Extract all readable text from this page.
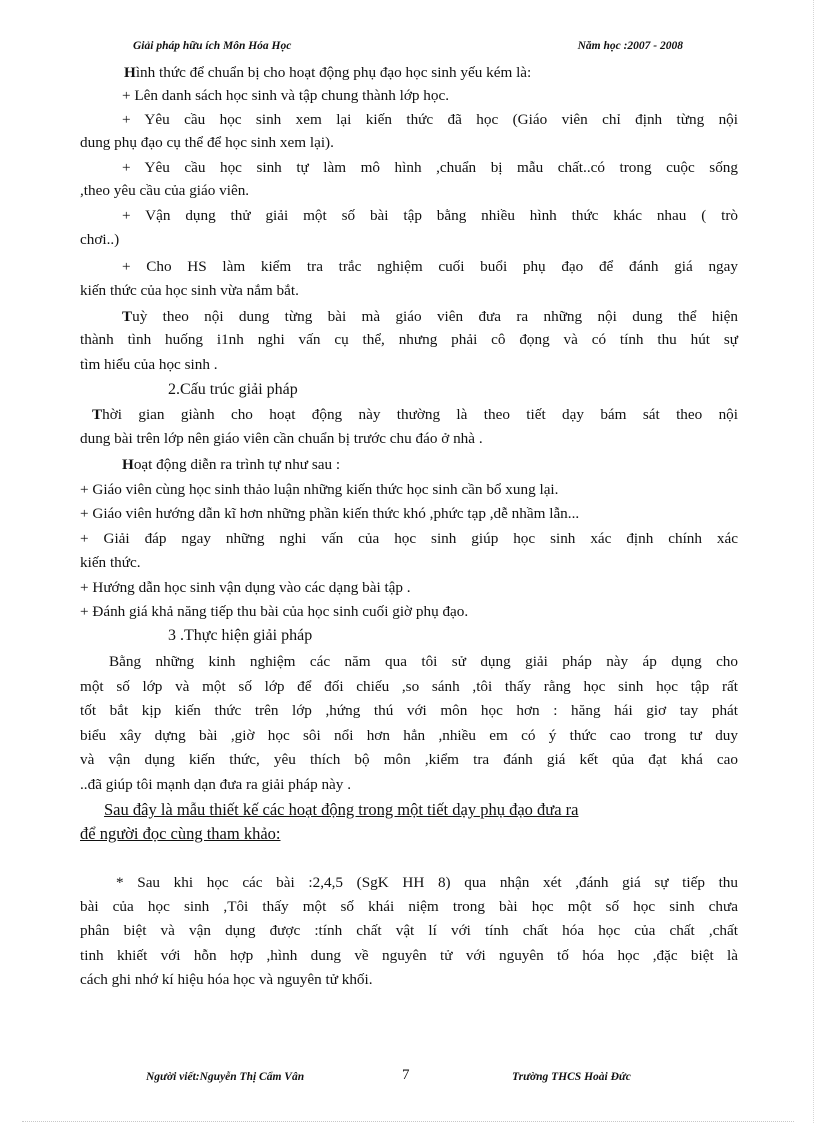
Giải pháp hữu ích Môn Hóa Học	Năm học :2007 - 2008
Hình thức để chuẩn bị cho hoạt động phụ đạo học sinh yếu kém là:
+ Lên danh sách học sinh và tập chung thành lớp học.
+ Yêu cầu học sinh xem lại kiến thức đã học (Giáo viên chỉ định từng nội
dung phụ đạo cụ thể để học sinh xem lại).
+ Yêu cầu học sinh tự làm mô hình ,chuẩn bị mẫu chất..có trong cuộc sống
,theo yêu cầu của giáo viên.
+ Vận dụng thử giải một số bài tập bằng nhiều hình thức khác nhau ( trò
chơi..)
+ Cho HS làm kiểm tra trắc nghiệm cuối buổi phụ đạo để đánh giá ngay
kiến thức của học sinh vừa nắm bắt.
Tuỳ theo nội dung từng bài mà giáo viên đưa ra những nội dung thể hiện
thành tình huống i1nh nghi vấn cụ thể, nhưng phải cô đọng và có tính thu hút sự
tìm hiểu của học sinh .
2.Cấu trúc giải pháp
Thời gian giành cho hoạt động này thường là theo tiết dạy bám sát theo nội
dung bài trên lớp nên giáo viên cần chuẩn bị trước chu đáo ở nhà .
Hoạt động diễn ra trình tự như sau :
+ Giáo viên cùng học sinh thảo luận những kiến thức học sinh cần bổ xung lại.
+ Giáo viên hướng dẫn kĩ hơn những phần kiến thức khó ,phức tạp ,dễ nhầm lẫn...
+ Giải đáp ngay những nghi vấn của học sinh giúp học sinh xác định chính xác
kiến thức.
+ Hướng dẫn học sinh vận dụng vào các dạng bài tập .
+ Đánh giá khả năng tiếp thu bài của học sinh cuối giờ phụ đạo.
3 .Thực hiện giải pháp
Bằng những kinh nghiệm các năm qua tôi sử dụng giải pháp này áp dụng cho
một số lớp và một số lớp để đối chiếu ,so sánh ,tôi thấy rằng học sinh học tập rất
tốt bắt kịp kiến thức trên lớp ,hứng thú với môn học hơn : hăng hái giơ tay phát
biểu xây dựng bài ,giờ học sôi nổi hơn hẳn ,nhiều em có ý thức cao trong tư duy
và vận dụng kiến thức, yêu thích bộ môn ,kiểm tra đánh giá kết qủa đạt khá cao
..đã giúp tôi mạnh dạn đưa ra giải pháp này .
Sau đây là mẫu thiết kế các hoạt động trong một tiết dạy phụ đạo đưa ra
để người đọc cùng tham khảo:
* Sau khi học các bài :2,4,5 (SgK HH 8) qua nhận xét ,đánh giá sự tiếp thu
bài của học sinh ,Tôi thấy một số khái niệm trong bài học một số học sinh chưa
phân biệt và vận dụng được :tính chất vật lí với tính chất hóa học của chất ,chất
tinh khiết với hỗn hợp ,hình dung về nguyên tử với nguyên tố hóa học ,đặc biệt là
cách ghi nhớ kí hiệu hóa học và nguyên tử khối.
Người viết:Nguyễn Thị Cẩm Vân	7	Trường THCS Hoài Đức
